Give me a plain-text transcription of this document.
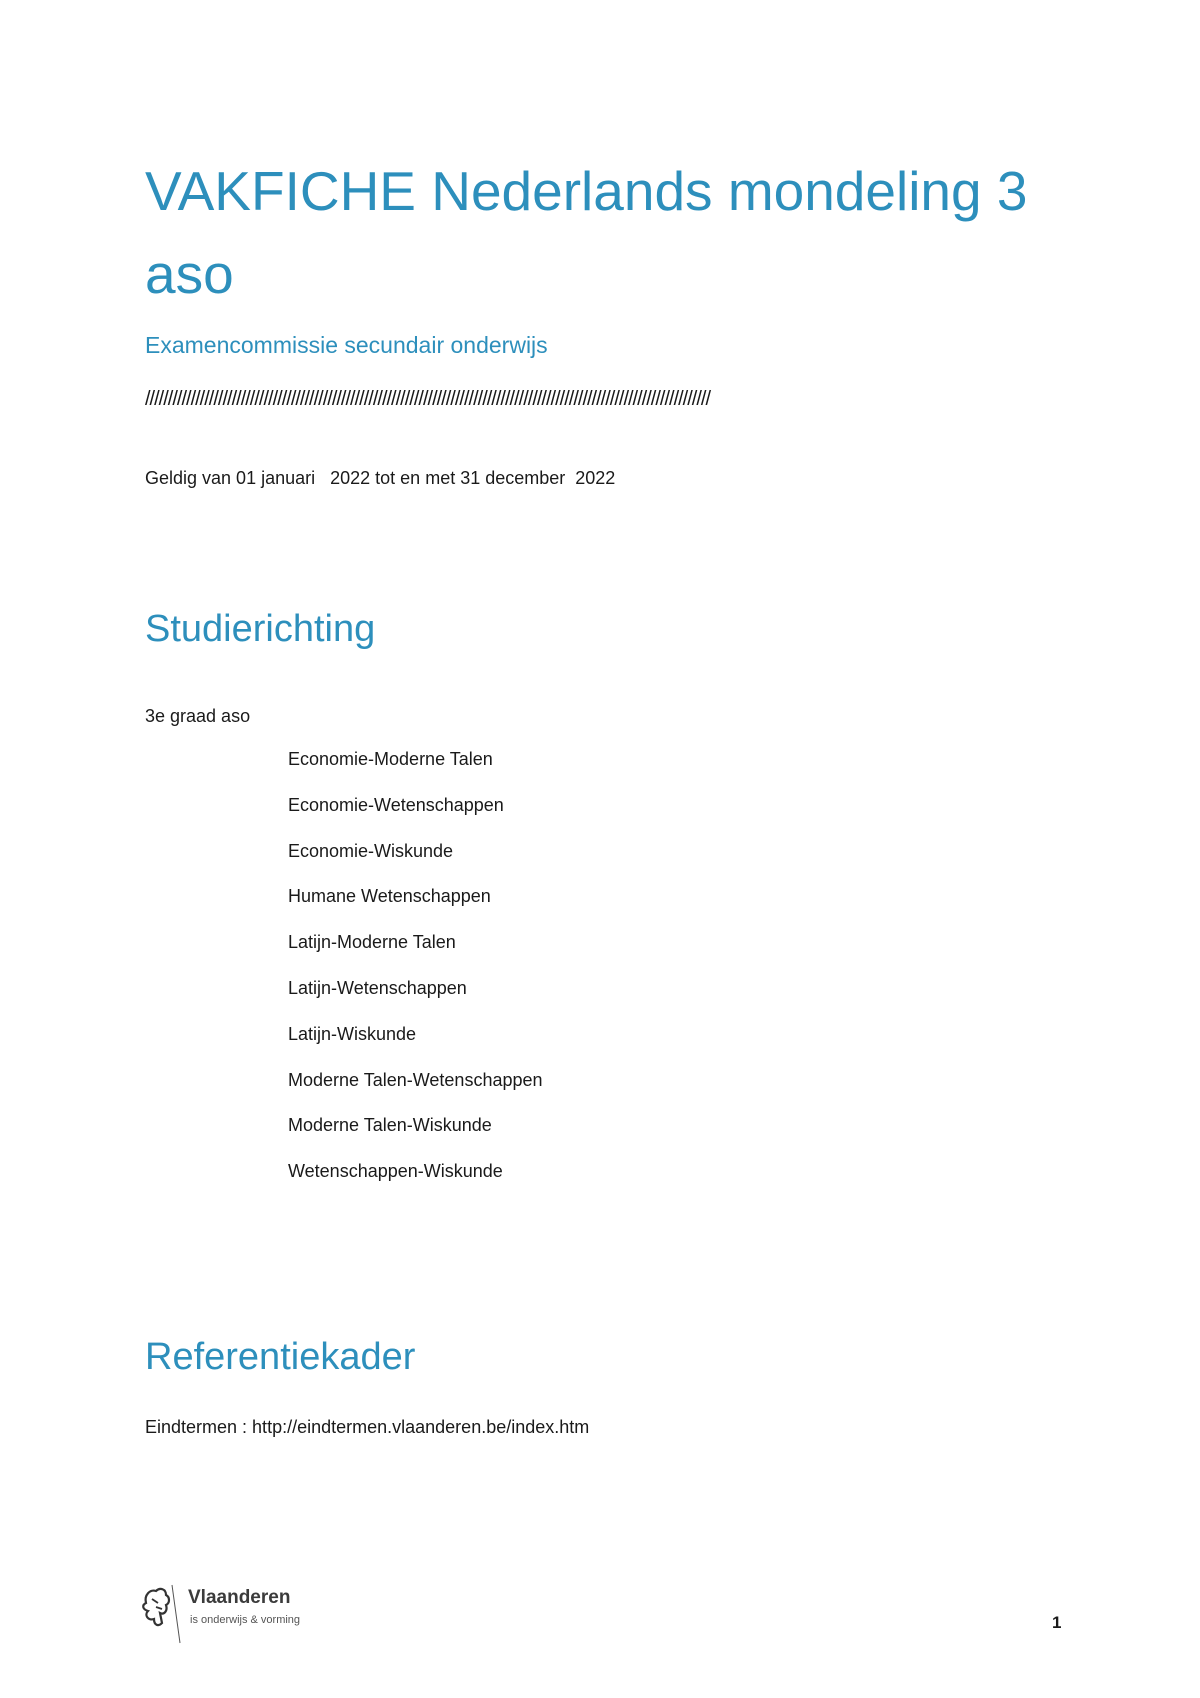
VAKFICHE Nederlands mondeling 3 aso

Examencommissie secundair onderwijs

////////////////////////////////////////////////////////////////////////////////////////////////////////////////////////////

Geldig van 01 januari   2022 tot en met 31 december  2022

Studierichting

3e graad aso

Economie-Moderne Talen
Economie-Wetenschappen
Economie-Wiskunde
Humane Wetenschappen
Latijn-Moderne Talen
Latijn-Wetenschappen
Latijn-Wiskunde
Moderne Talen-Wetenschappen
Moderne Talen-Wiskunde
Wetenschappen-Wiskunde
Referentiekader

Eindtermen : http://eindtermen.vlaanderen.be/index.htm

Vlaanderen
is onderwijs & vorming	1
